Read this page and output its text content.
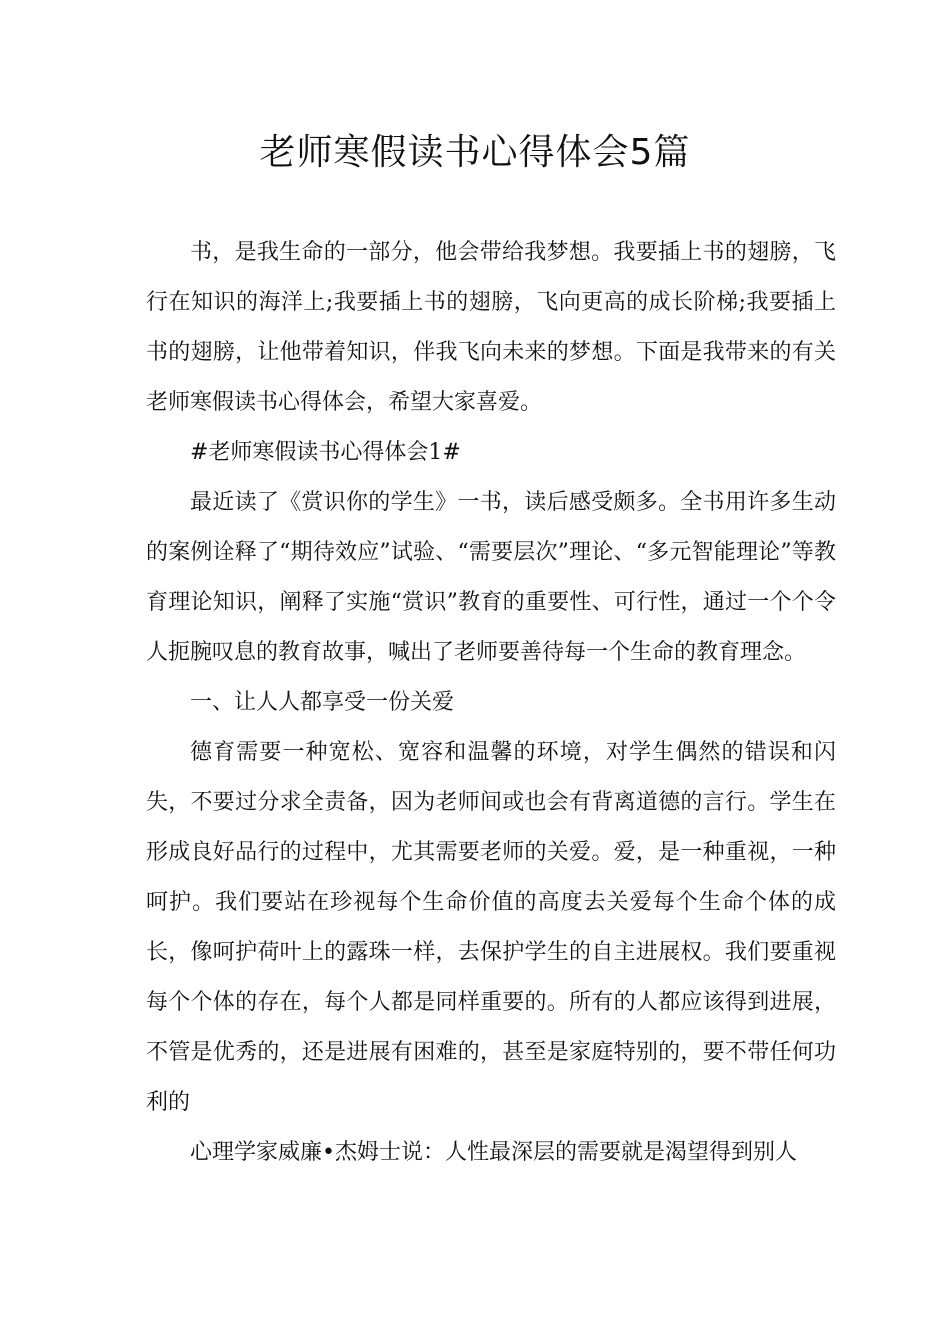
老师寒假读书心得体会5篇

书，是我生命的一部分，他会带给我梦想。我要插上书的翅膀，飞行在知识的海洋上;我要插上书的翅膀，飞向更高的成长阶梯;我要插上书的翅膀，让他带着知识，伴我飞向未来的梦想。下面是我带来的有关老师寒假读书心得体会，希望大家喜爱。

#老师寒假读书心得体会1#

最近读了《赏识你的学生》一书，读后感受颇多。全书用许多生动的案例诠释了“期待效应”试验、“需要层次”理论、“多元智能理论”等教育理论知识，阐释了实施“赏识”教育的重要性、可行性，通过一个个令人扼腕叹息的教育故事，喊出了老师要善待每一个生命的教育理念。

一、让人人都享受一份关爱

德育需要一种宽松、宽容和温馨的环境，对学生偶然的错误和闪失，不要过分求全责备，因为老师间或也会有背离道德的言行。学生在形成良好品行的过程中，尤其需要老师的关爱。爱，是一种重视，一种呵护。我们要站在珍视每个生命价值的高度去关爱每个生命个体的成长，像呵护荷叶上的露珠一样，去保护学生的自主进展权。我们要重视每个个体的存在，每个人都是同样重要的。所有的人都应该得到进展，不管是优秀的，还是进展有困难的，甚至是家庭特别的，要不带任何功利的

心理学家威廉•杰姆士说：人性最深层的需要就是渴望得到别人
